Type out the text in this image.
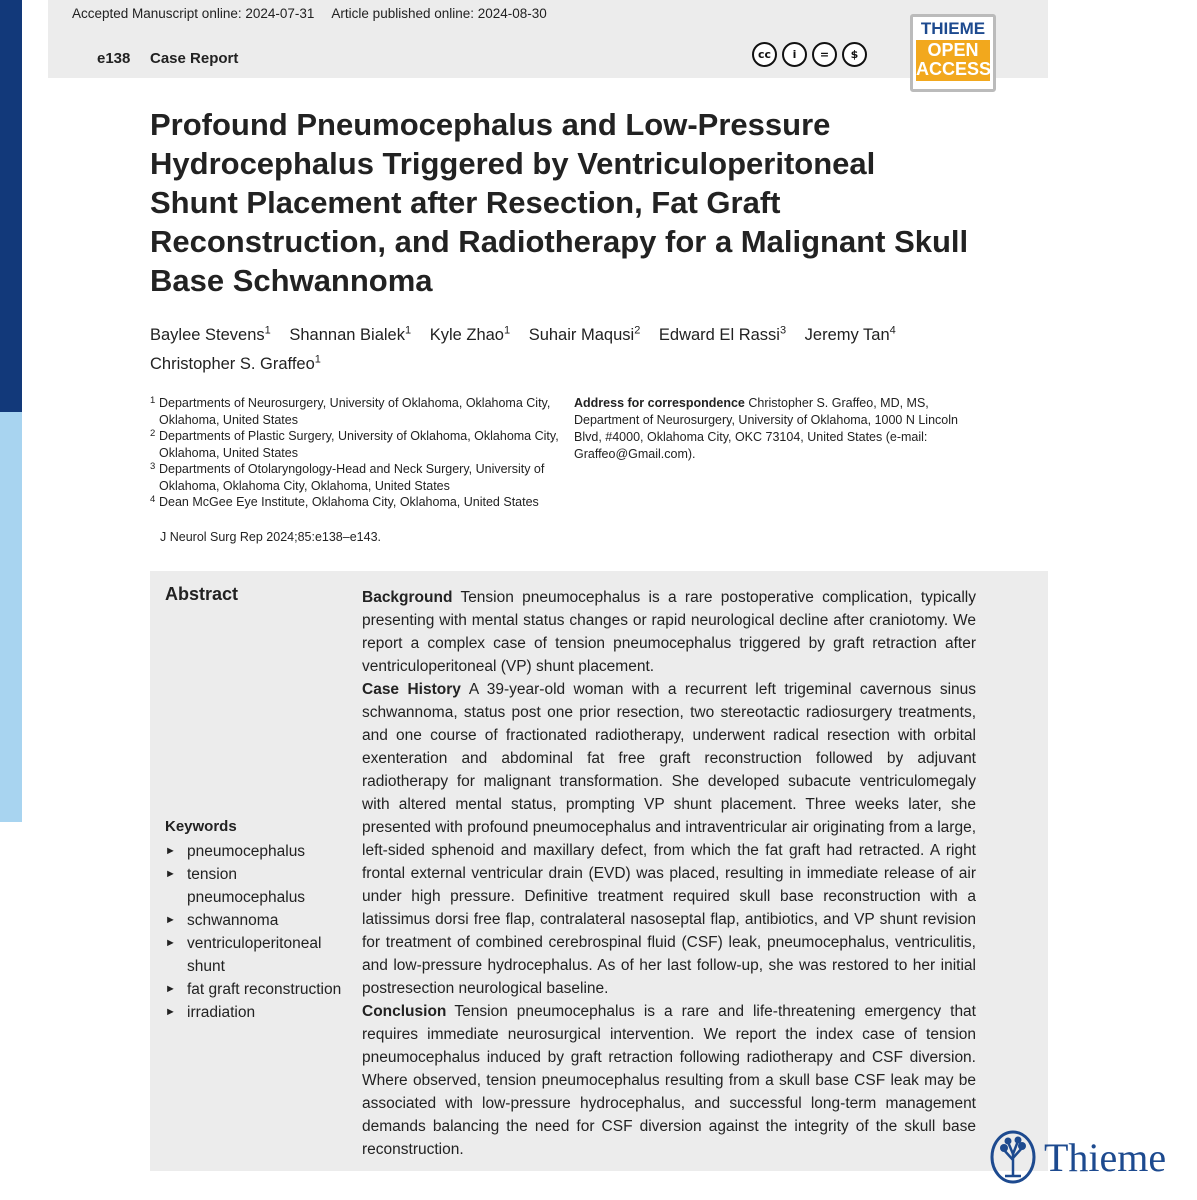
Accepted Manuscript online: 2024-07-31 Article published online: 2024-08-30
e138 Case Report	cc	i	=	$
THIEME
OPEN
ACCESS
Profound Pneumocephalus and Low-Pressure Hydrocephalus Triggered by Ventriculoperitoneal Shunt Placement after Resection, Fat Graft Reconstruction, and Radiotherapy for a Malignant Skull Base Schwannoma
Baylee Stevens$^1$ Shannan Bialek$^1$ Kyle Zhao$^1$ Suhair Maqusi$^2$ Edward El Rassi$^3$ Jeremy Tan$^4$
Christopher S. Graffeo$^1$
1 Departments of Neurosurgery, University of Oklahoma, Oklahoma City, Oklahoma, United States
2 Departments of Plastic Surgery, University of Oklahoma, Oklahoma City, Oklahoma, United States
3 Departments of Otolaryngology-Head and Neck Surgery, University of Oklahoma, Oklahoma City, Oklahoma, United States
4 Dean McGee Eye Institute, Oklahoma City, Oklahoma, United States
Address for correspondence Christopher S. Graffeo, MD, MS, Department of Neurosurgery, University of Oklahoma, 1000 N Lincoln Blvd, #4000, Oklahoma City, OKC 73104, United States (e-mail: Graffeo@Gmail.com).
J Neurol Surg Rep 2024;85:e138–e143.
Abstract
Keywords
► pneumocephalus
► tension pneumocephalus
► schwannoma
► ventriculoperitoneal shunt
► fat graft reconstruction
► irradiation

Background Tension pneumocephalus is a rare postoperative complication, typically presenting with mental status changes or rapid neurological decline after craniotomy. We report a complex case of tension pneumocephalus triggered by graft retraction after ventriculoperitoneal (VP) shunt placement.

Case History A 39-year-old woman with a recurrent left trigeminal cavernous sinus schwannoma, status post one prior resection, two stereotactic radiosurgery treatments, and one course of fractionated radiotherapy, underwent radical resection with orbital exenteration and abdominal fat free graft reconstruction followed by adjuvant radiotherapy for malignant transformation. She developed subacute ventriculomegaly with altered mental status, prompting VP shunt placement. Three weeks later, she presented with profound pneumocephalus and intraventricular air originating from a large, left-sided sphenoid and maxillary defect, from which the fat graft had retracted. A right frontal external ventricular drain (EVD) was placed, resulting in immediate release of air under high pressure. Definitive treatment required skull base reconstruction with a latissimus dorsi free flap, contralateral nasoseptal flap, antibiotics, and VP shunt revision for treatment of combined cerebrospinal fluid (CSF) leak, pneumocephalus, ventriculitis, and low-pressure hydrocephalus. As of her last follow-up, she was restored to her initial postresection neurological baseline.

Conclusion Tension pneumocephalus is a rare and life-threatening emergency that requires immediate neurosurgical intervention. We report the index case of tension pneumocephalus induced by graft retraction following radiotherapy and CSF diversion. Where observed, tension pneumocephalus resulting from a skull base CSF leak may be associated with low-pressure hydrocephalus, and successful long-term management demands balancing the need for CSF diversion against the integrity of the skull base reconstruction.	Thieme
